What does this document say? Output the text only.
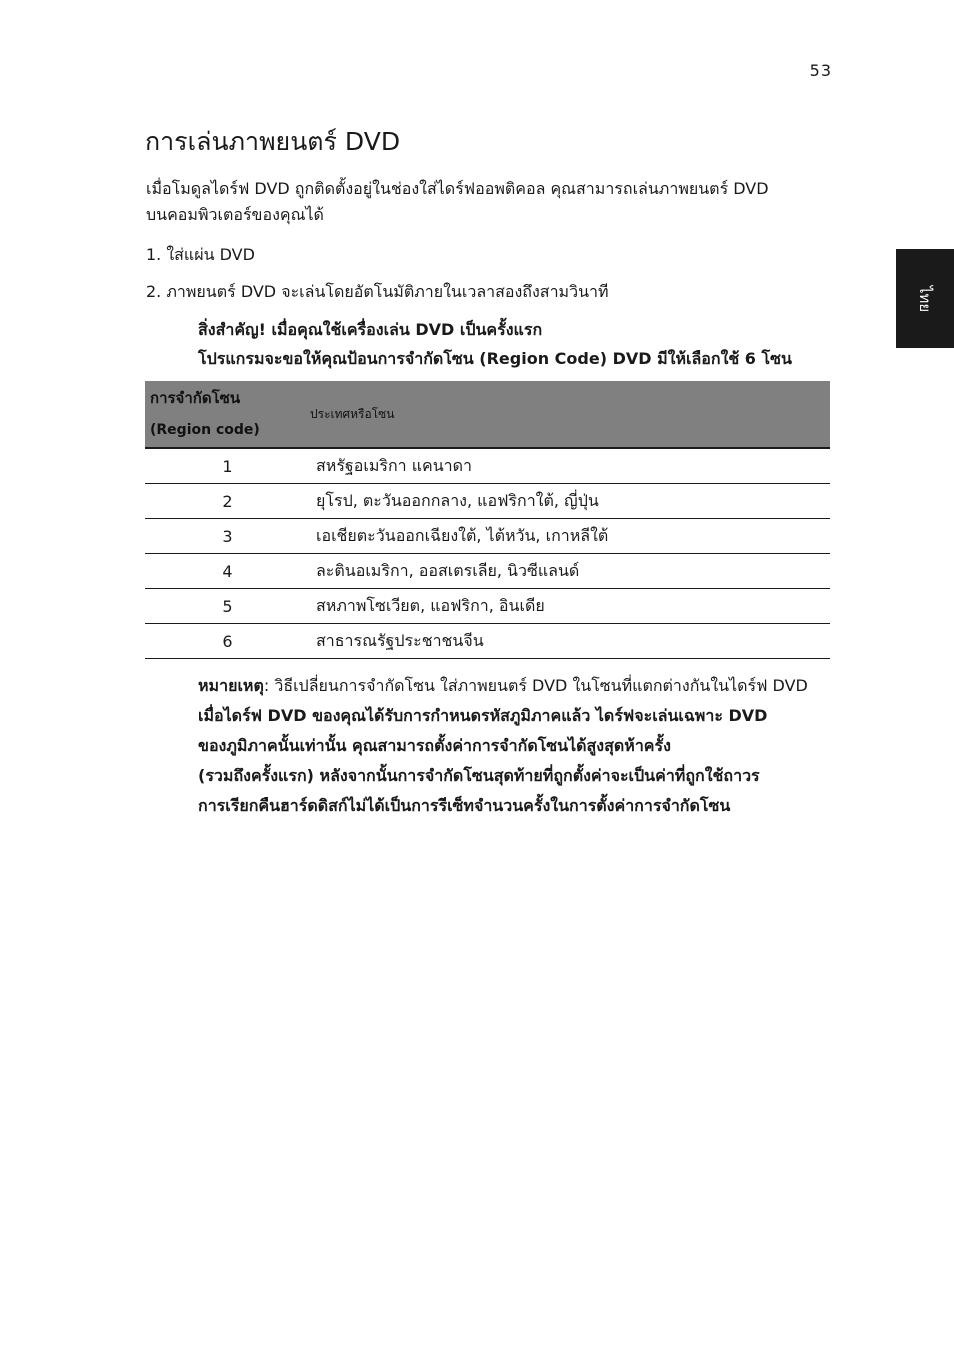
53
ไทย
การเล่นภาพยนตร์ DVD

เมื่อโมดูลไดร์ฟ DVD ถูกติดตั้งอยู่ในช่องใส่ไดร์ฟออพติคอล คุณสามารถเล่นภาพยนตร์ DVD
บนคอมพิวเตอร์ของคุณได้

1. ใส่แผ่น DVD

2. ภาพยนตร์ DVD จะเล่นโดยอัตโนมัติภายในเวลาสองถึงสามวินาที

สิ่งสำคัญ! เมื่อคุณใช้เครื่องเล่น DVD เป็นครั้งแรก
โปรแกรมจะขอให้คุณป้อนการจำกัดโซน (Region Code) DVD มีให้เลือกใช้ 6 โซน

การจำกัดโซน
(Region code)	ประเทศหรือโซน
1	สหรัฐอเมริกา แคนาดา
2	ยุโรป, ตะวันออกกลาง, แอฟริกาใต้, ญี่ปุ่น
3	เอเชียตะวันออกเฉียงใต้, ไต้หวัน, เกาหลีใต้
4	ละตินอเมริกา, ออสเตรเลีย, นิวซีแลนด์
5	สหภาพโซเวียต, แอฟริกา, อินเดีย
6	สาธารณรัฐประชาชนจีน

หมายเหตุ: วิธีเปลี่ยนการจำกัดโซน ใส่ภาพยนตร์ DVD ในโซนที่แตกต่างกันในไดร์ฟ DVD
เมื่อไดร์ฟ DVD ของคุณได้รับการกำหนดรหัสภูมิภาคแล้ว ไดร์ฟจะเล่นเฉพาะ DVD
ของภูมิภาคนั้นเท่านั้น คุณสามารถตั้งค่าการจำกัดโซนได้สูงสุดห้าครั้ง
(รวมถึงครั้งแรก) หลังจากนั้นการจำกัดโซนสุดท้ายที่ถูกตั้งค่าจะเป็นค่าที่ถูกใช้ถาวร
การเรียกคืนฮาร์ดดิสก์ไม่ได้เป็นการรีเซ็ทจำนวนครั้งในการตั้งค่าการจำกัดโซน
